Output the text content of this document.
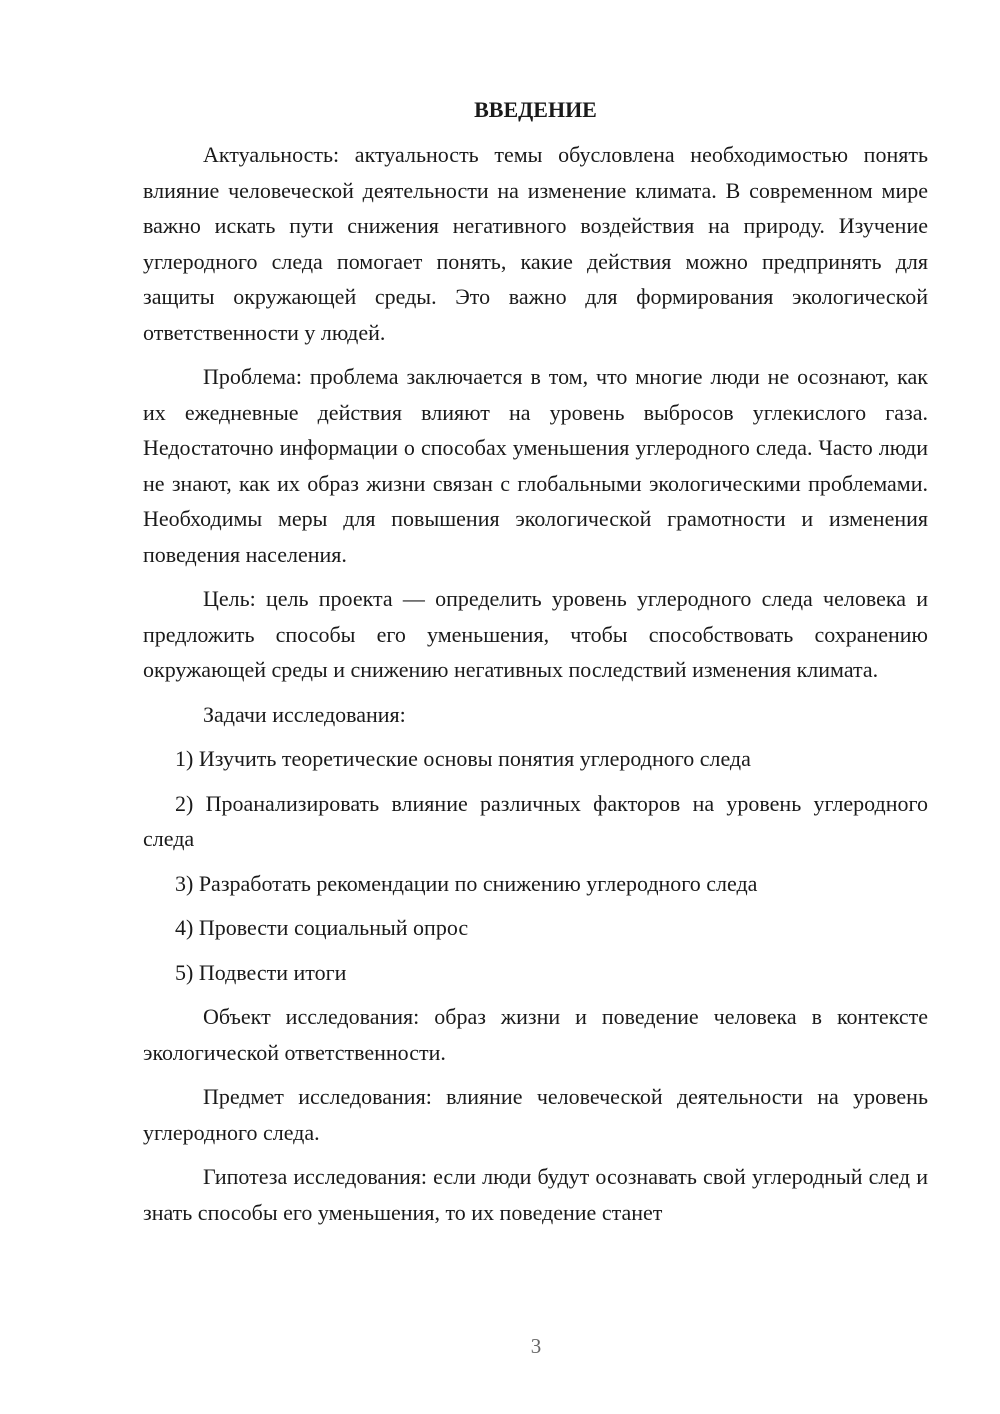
ВВЕДЕНИЕ

Актуальность: актуальность темы обусловлена необходимостью понять влияние человеческой деятельности на изменение климата. В современном мире важно искать пути снижения негативного воздействия на природу. Изучение углеродного следа помогает понять, какие действия можно предпринять для защиты окружающей среды. Это важно для формирования экологической ответственности у людей.

Проблема: проблема заключается в том, что многие люди не осознают, как их ежедневные действия влияют на уровень выбросов углекислого газа. Недостаточно информации о способах уменьшения углеродного следа. Часто люди не знают, как их образ жизни связан с глобальными экологическими проблемами. Необходимы меры для повышения экологической грамотности и изменения поведения населения.

Цель: цель проекта — определить уровень углеродного следа человека и предложить способы его уменьшения, чтобы способствовать сохранению окружающей среды и снижению негативных последствий изменения климата.

Задачи исследования:

1) Изучить теоретические основы понятия углеродного следа

2) Проанализировать влияние различных факторов на уровень углеродного следа

3) Разработать рекомендации по снижению углеродного следа

4) Провести социальный опрос

5) Подвести итоги

Объект исследования: образ жизни и поведение человека в контексте экологической ответственности.

Предмет исследования: влияние человеческой деятельности на уровень углеродного следа.

Гипотеза исследования: если люди будут осознавать свой углеродный след и знать способы его уменьшения, то их поведение станет

3
